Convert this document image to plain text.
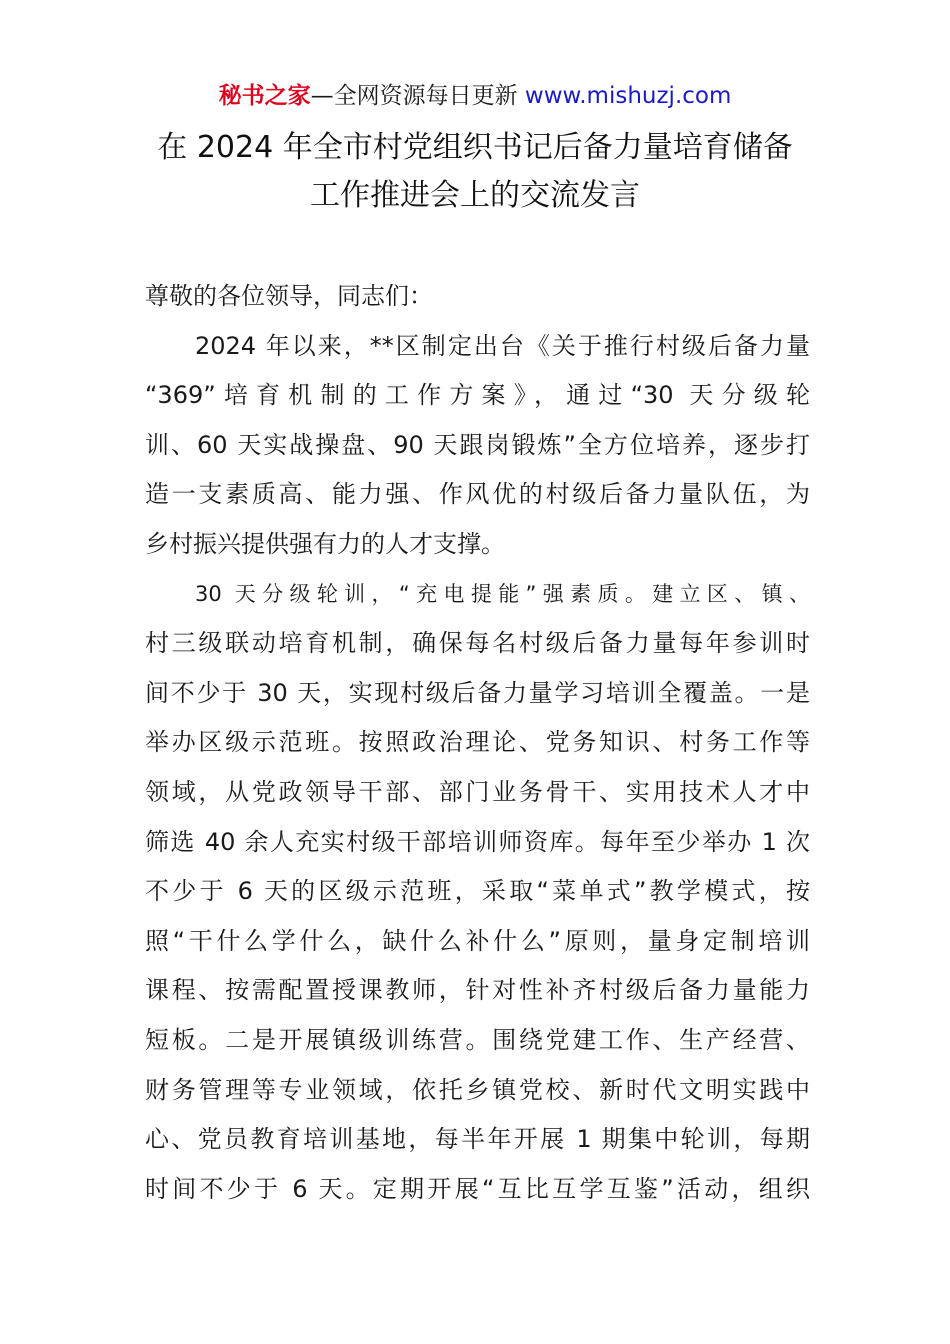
秘书之家—全网资源每日更新 www.mishuzj.com
在 2024 年全市村党组织书记后备力量培育储备
工作推进会上的交流发言
尊敬的各位领导，同志们：
2024 年以来，**区制定出台《关于推行村级后备力量
“369”培育机制的工作方案》，通过“30 天分级轮
训、60 天实战操盘、90 天跟岗锻炼”全方位培养，逐步打
造一支素质高、能力强、作风优的村级后备力量队伍，为
乡村振兴提供强有力的人才支撑。
30 天分级轮训，“充电提能”强素质。建立区、镇、
村三级联动培育机制，确保每名村级后备力量每年参训时
间不少于 30 天，实现村级后备力量学习培训全覆盖。一是
举办区级示范班。按照政治理论、党务知识、村务工作等
领域，从党政领导干部、部门业务骨干、实用技术人才中
筛选 40 余人充实村级干部培训师资库。每年至少举办 1 次
不少于 6 天的区级示范班，采取“菜单式”教学模式，按
照“干什么学什么，缺什么补什么”原则，量身定制培训
课程、按需配置授课教师，针对性补齐村级后备力量能力
短板。二是开展镇级训练营。围绕党建工作、生产经营、
财务管理等专业领域，依托乡镇党校、新时代文明实践中
心、党员教育培训基地，每半年开展 1 期集中轮训，每期
时间不少于 6 天。定期开展“互比互学互鉴”活动，组织
